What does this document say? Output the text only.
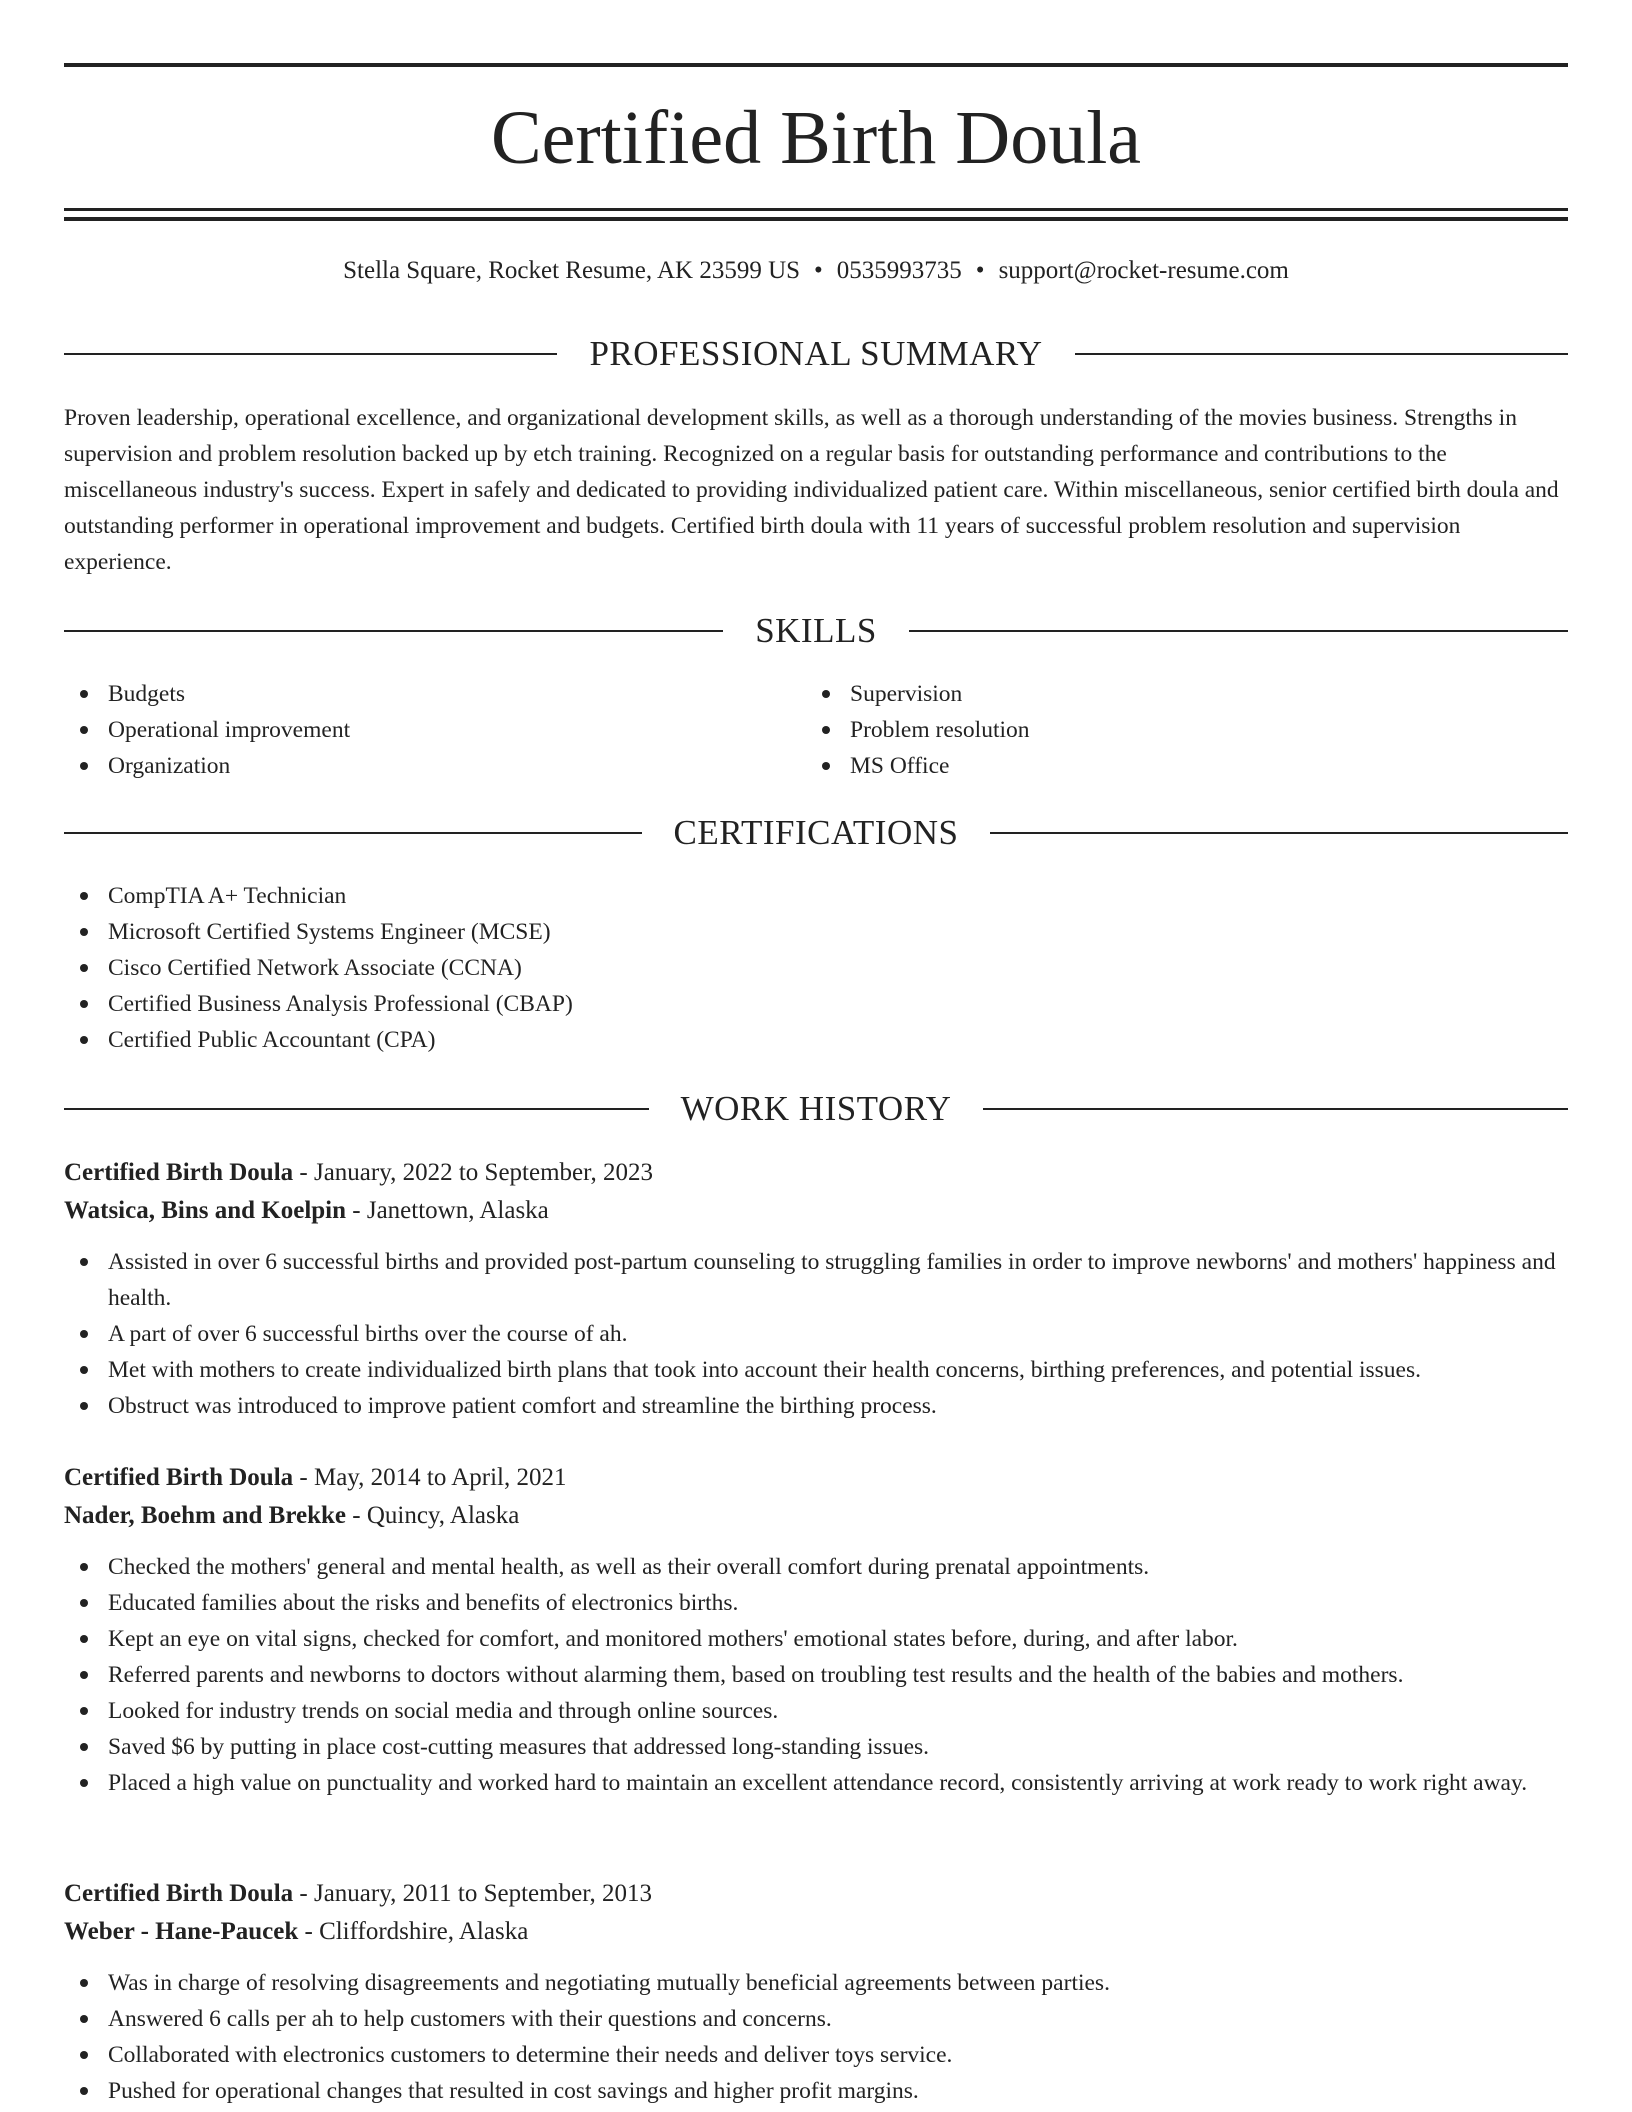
Certified Birth Doula
Stella Square, Rocket Resume, AK 23599 US • 0535993735 • support@rocket-resume.com
PROFESSIONAL SUMMARY

Proven leadership, operational excellence, and organizational development skills, as well as a thorough understanding of the movies business. Strengths in supervision and problem resolution backed up by etch training. Recognized on a regular basis for outstanding performance and contributions to the miscellaneous industry's success. Expert in safely and dedicated to providing individualized patient care. Within miscellaneous, senior certified birth doula and outstanding performer in operational improvement and budgets. Certified birth doula with 11 years of successful problem resolution and supervision experience.

SKILLS
Budgets
Operational improvement
Organization
Supervision
Problem resolution
MS Office
CERTIFICATIONS
CompTIA A+ Technician
Microsoft Certified Systems Engineer (MCSE)
Cisco Certified Network Associate (CCNA)
Certified Business Analysis Professional (CBAP)
Certified Public Accountant (CPA)
WORK HISTORY
Certified Birth Doula - January, 2022 to September, 2023
Watsica, Bins and Koelpin - Janettown, Alaska
Assisted in over 6 successful births and provided post-partum counseling to struggling families in order to improve newborns' and mothers' happiness and health.
A part of over 6 successful births over the course of ah.
Met with mothers to create individualized birth plans that took into account their health concerns, birthing preferences, and potential issues.
Obstruct was introduced to improve patient comfort and streamline the birthing process.
Certified Birth Doula - May, 2014 to April, 2021
Nader, Boehm and Brekke - Quincy, Alaska
Checked the mothers' general and mental health, as well as their overall comfort during prenatal appointments.
Educated families about the risks and benefits of electronics births.
Kept an eye on vital signs, checked for comfort, and monitored mothers' emotional states before, during, and after labor.
Referred parents and newborns to doctors without alarming them, based on troubling test results and the health of the babies and mothers.
Looked for industry trends on social media and through online sources.
Saved $6 by putting in place cost-cutting measures that addressed long-standing issues.
Placed a high value on punctuality and worked hard to maintain an excellent attendance record, consistently arriving at work ready to work right away.
Certified Birth Doula - January, 2011 to September, 2013
Weber - Hane-Paucek - Cliffordshire, Alaska
Was in charge of resolving disagreements and negotiating mutually beneficial agreements between parties.
Answered 6 calls per ah to help customers with their questions and concerns.
Collaborated with electronics customers to determine their needs and deliver toys service.
Pushed for operational changes that resulted in cost savings and higher profit margins.
